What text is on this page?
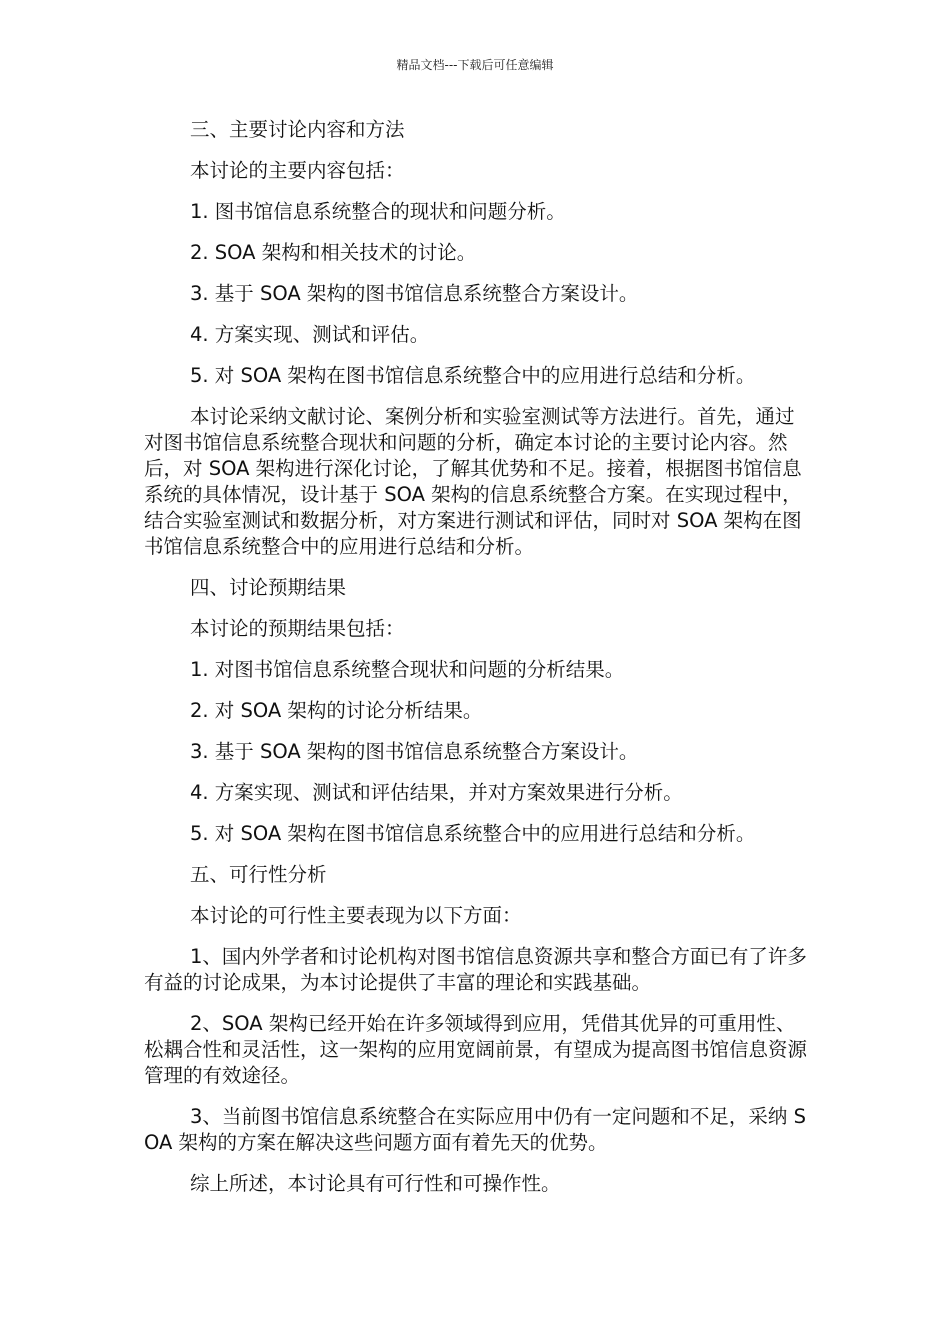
精品文档---下载后可任意编辑

三、主要讨论内容和方法

本讨论的主要内容包括：

1. 图书馆信息系统整合的现状和问题分析。

2. SOA 架构和相关技术的讨论。

3. 基于 SOA 架构的图书馆信息系统整合方案设计。

4. 方案实现、测试和评估。

5. 对 SOA 架构在图书馆信息系统整合中的应用进行总结和分析。

本讨论采纳文献讨论、案例分析和实验室测试等方法进行。首先，通过对图书馆信息系统整合现状和问题的分析，确定本讨论的主要讨论内容。然后，对 SOA 架构进行深化讨论，了解其优势和不足。接着，根据图书馆信息系统的具体情况，设计基于 SOA 架构的信息系统整合方案。在实现过程中，结合实验室测试和数据分析，对方案进行测试和评估，同时对 SOA 架构在图书馆信息系统整合中的应用进行总结和分析。

四、讨论预期结果

本讨论的预期结果包括：

1. 对图书馆信息系统整合现状和问题的分析结果。

2. 对 SOA 架构的讨论分析结果。

3. 基于 SOA 架构的图书馆信息系统整合方案设计。

4. 方案实现、测试和评估结果，并对方案效果进行分析。

5. 对 SOA 架构在图书馆信息系统整合中的应用进行总结和分析。

五、可行性分析

本讨论的可行性主要表现为以下方面：

1、国内外学者和讨论机构对图书馆信息资源共享和整合方面已有了许多有益的讨论成果，为本讨论提供了丰富的理论和实践基础。

2、SOA 架构已经开始在许多领域得到应用，凭借其优异的可重用性、松耦合性和灵活性，这一架构的应用宽阔前景，有望成为提高图书馆信息资源管理的有效途径。

3、当前图书馆信息系统整合在实际应用中仍有一定问题和不足，采纳 SOA 架构的方案在解决这些问题方面有着先天的优势。

综上所述，本讨论具有可行性和可操作性。
